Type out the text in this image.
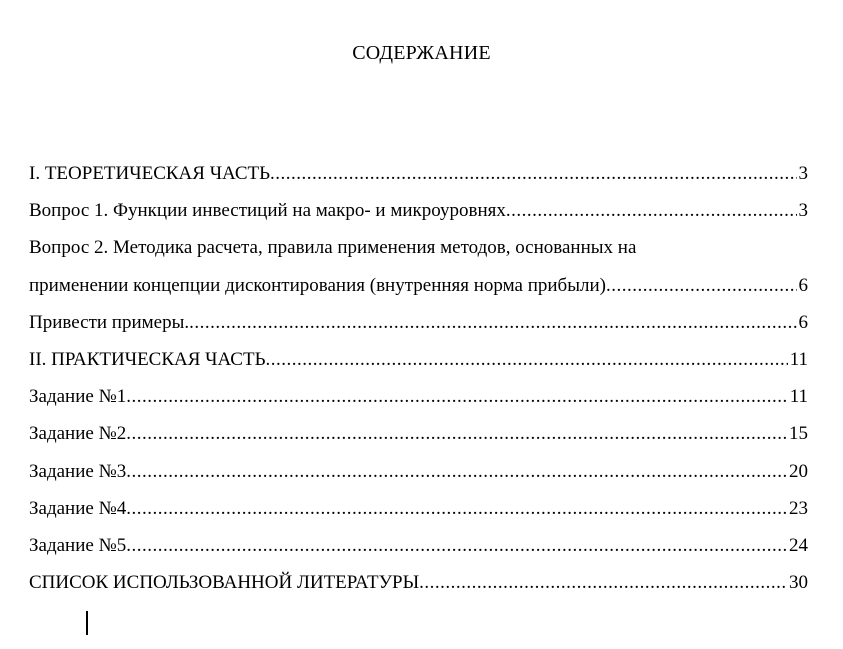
СОДЕРЖАНИЕ
I. ТЕОРЕТИЧЕСКАЯ ЧАСТЬ .....	3
Вопрос 1. Функции инвестиций на макро- и микроуровнях .....	3
Вопрос 2. Методика расчета, правила применения методов, основанных на
применении концепции дисконтирования (внутренняя норма прибыли) .....	6
Привести примеры. .....	6
II. ПРАКТИЧЕСКАЯ ЧАСТЬ .....	11
Задание №1 .....	11
Задание №2 .....	15
Задание №3 .....	20
Задание №4 .....	23
Задание №5 .....	24
СПИСОК ИСПОЛЬЗОВАННОЙ ЛИТЕРАТУРЫ .....	30
